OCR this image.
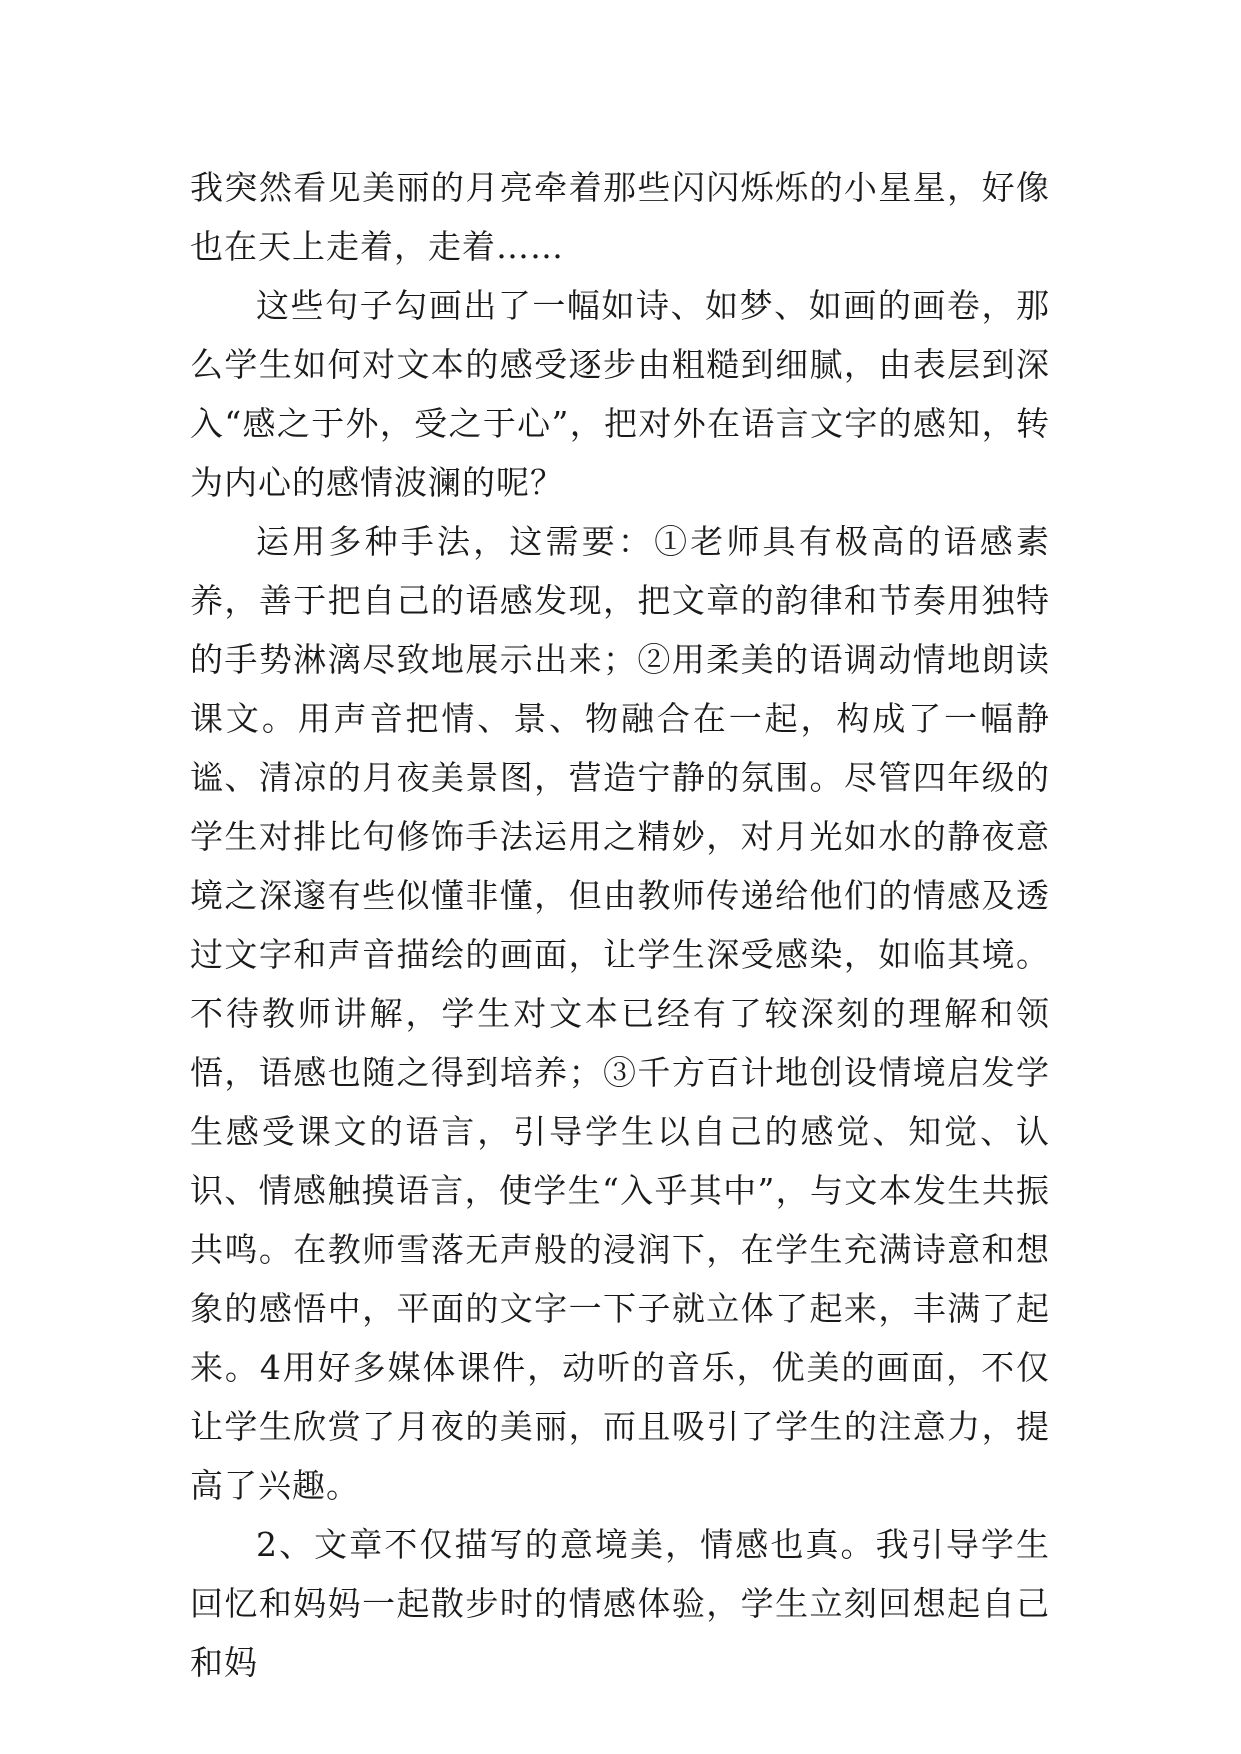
我突然看见美丽的月亮牵着那些闪闪烁烁的小星星，好像也在天上走着，走着……

这些句子勾画出了一幅如诗、如梦、如画的画卷，那么学生如何对文本的感受逐步由粗糙到细腻，由表层到深入“感之于外，受之于心”，把对外在语言文字的感知，转为内心的感情波澜的呢？

运用多种手法，这需要：①老师具有极高的语感素养，善于把自己的语感发现，把文章的韵律和节奏用独特的手势淋漓尽致地展示出来；②用柔美的语调动情地朗读课文。用声音把情、景、物融合在一起，构成了一幅静谧、清凉的月夜美景图，营造宁静的氛围。尽管四年级的学生对排比句修饰手法运用之精妙，对月光如水的静夜意境之深邃有些似懂非懂，但由教师传递给他们的情感及透过文字和声音描绘的画面，让学生深受感染，如临其境。不待教师讲解，学生对文本已经有了较深刻的理解和领悟，语感也随之得到培养；③千方百计地创设情境启发学生感受课文的语言，引导学生以自己的感觉、知觉、认识、情感触摸语言，使学生“入乎其中”，与文本发生共振共鸣。在教师雪落无声般的浸润下，在学生充满诗意和想象的感悟中，平面的文字一下子就立体了起来，丰满了起来。4用好多媒体课件，动听的音乐，优美的画面，不仅让学生欣赏了月夜的美丽，而且吸引了学生的注意力，提高了兴趣。

2、文章不仅描写的意境美，情感也真。我引导学生回忆和妈妈一起散步时的情感体验，学生立刻回想起自己和妈
